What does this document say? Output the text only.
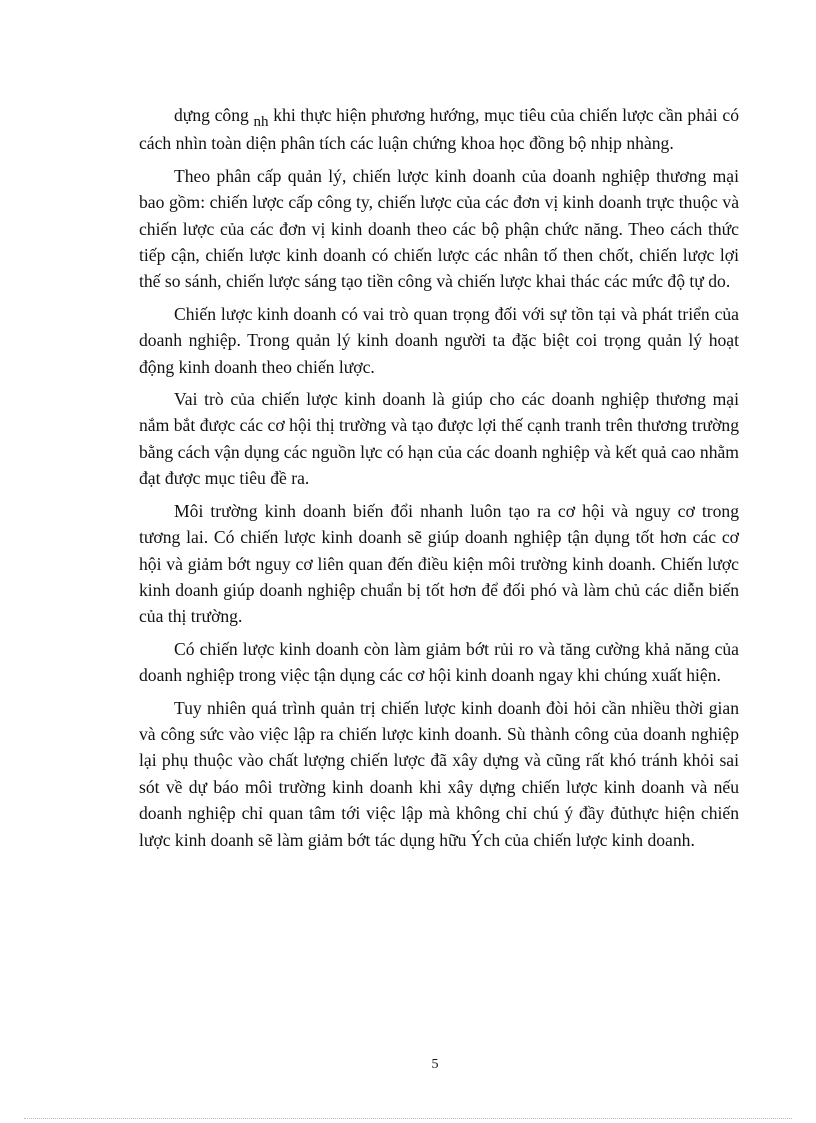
dựng công nh khi thực hiện phương hướng, mục tiêu của chiến lược cần phải có cách nhìn toàn diện phân tích các luận chứng khoa học đồng bộ nhịp nhàng.

Theo phân cấp quản lý, chiến lược kinh doanh của doanh nghiệp thương mại bao gồm: chiến lược cấp công ty, chiến lược của các đơn vị kinh doanh trực thuộc và chiến lược của các đơn vị kinh doanh theo các bộ phận chức năng. Theo cách thức tiếp cận, chiến lược kinh doanh có chiến lược các nhân tố then chốt, chiến lược lợi thế so sánh, chiến lược sáng tạo tiền công và chiến lược khai thác các mức độ tự do.

Chiến lược kinh doanh có vai trò quan trọng đối với sự tồn tại và phát triển của doanh nghiệp. Trong quản lý kinh doanh người ta đặc biệt coi trọng quản lý hoạt động kinh doanh theo chiến lược.

Vai trò của chiến lược kinh doanh là giúp cho các doanh nghiệp thương mại nắm bắt được các cơ hội thị trường và tạo được lợi thế cạnh tranh trên thương trường bằng cách vận dụng các nguồn lực có hạn của các doanh nghiệp và kết quả cao nhằm đạt được mục tiêu đề ra.

Môi trường kinh doanh biến đổi nhanh luôn tạo ra cơ hội và nguy cơ trong tương lai. Có chiến lược kinh doanh sẽ giúp doanh nghiệp tận dụng tốt hơn các cơ hội và giảm bớt nguy cơ liên quan đến điều kiện môi trường kinh doanh. Chiến lược kinh doanh giúp doanh nghiệp chuẩn bị tốt hơn để đối phó và làm chủ các diễn biến của thị trường.

Có chiến lược kinh doanh còn làm giảm bớt rủi ro và tăng cường khả năng của doanh nghiệp trong việc tận dụng các cơ hội kinh doanh ngay khi chúng xuất hiện.

Tuy nhiên quá trình quản trị chiến lược kinh doanh đòi hỏi cần nhiều thời gian và công sức vào việc lập ra chiến lược kinh doanh. Sù thành công của doanh nghiệp lại phụ thuộc vào chất lượng chiến lược đã xây dựng và cũng rất khó tránh khỏi sai sót về dự báo môi trường kinh doanh khi xây dựng chiến lược kinh doanh và nếu doanh nghiệp chỉ quan tâm tới việc lập mà không chỉ chú ý đầy đủthực hiện chiến lược kinh doanh sẽ làm giảm bớt tác dụng hữu Ých của chiến lược kinh doanh.

5
